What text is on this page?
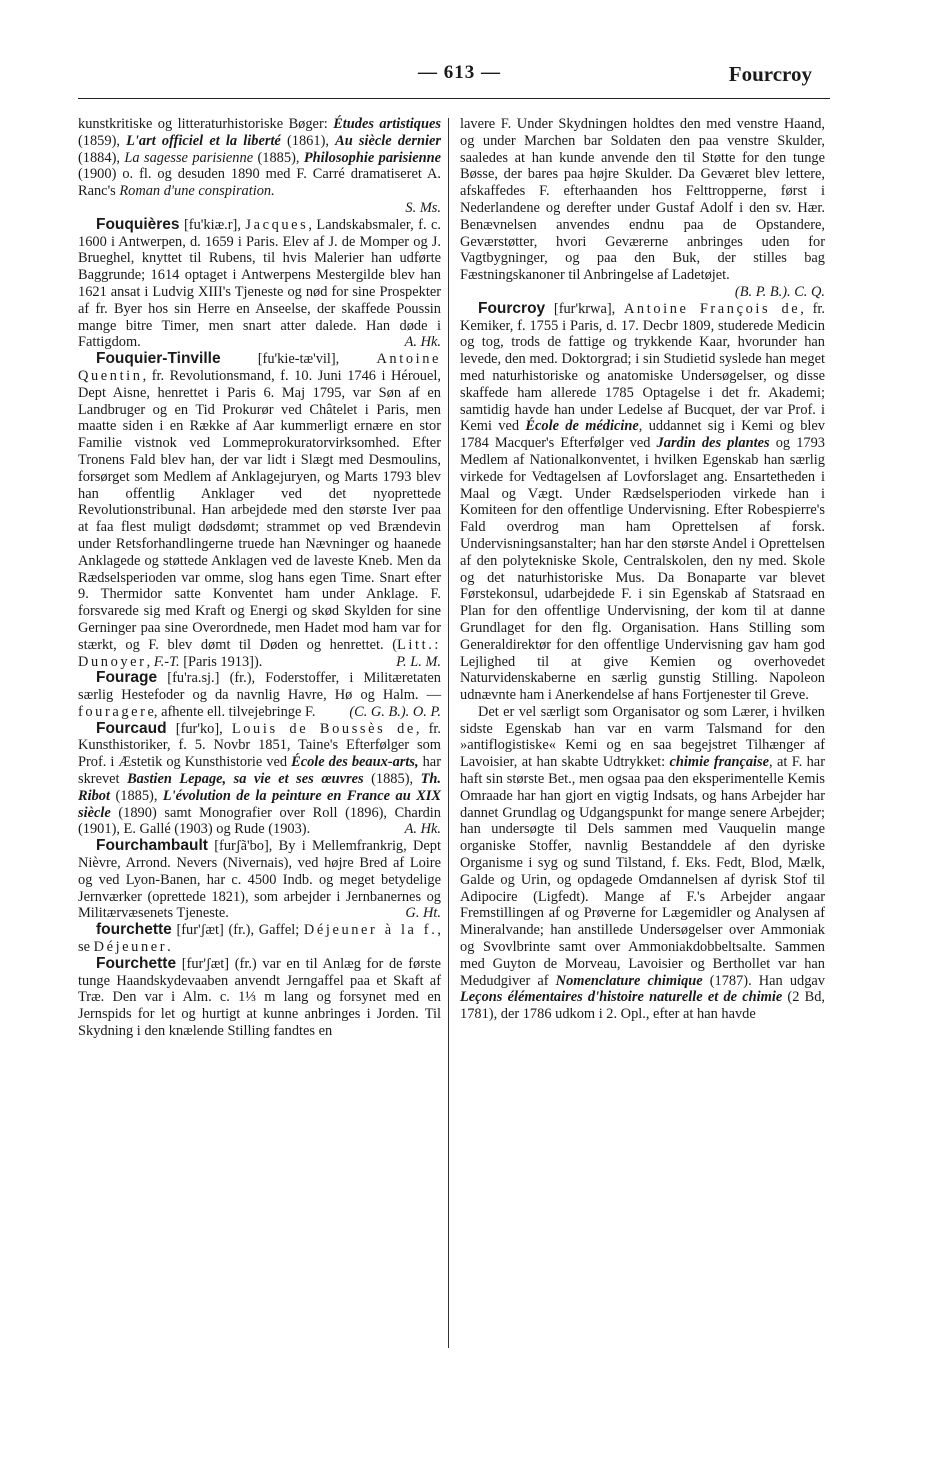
— 613 —	Fourcroy

kunstkritiske og litteraturhistoriske Bøger: Études artistiques (1859), L'art officiel et la liberté (1861), Au siècle dernier (1884), La sagesse parisienne (1885), Philosophie parisienne (1900) o. fl. og desuden 1890 med F. Carré dramatiseret A. Ranc's Roman d'une conspiration.
S. Ms.

Fouquières [fu'kiæ.r], Jacques, Landskabsmaler, f. c. 1600 i Antwerpen, d. 1659 i Paris. Elev af J. de Momper og J. Brueghel, knyttet til Rubens, til hvis Malerier han udførte Baggrunde; 1614 optaget i Antwerpens Mestergilde blev han 1621 ansat i Ludvig XIII's Tjeneste og nød for sine Prospekter af fr. Byer hos sin Herre en Anseelse, der skaffede Poussin mange bitre Timer, men snart atter dalede. Han døde i Fattigdom.	A. Hk.

Fouquier-Tinville [fu'kie-tæ'vil], Antoine Quentin, fr. Revolutionsmand, f. 10. Juni 1746 i Hérouel, Dept Aisne, henrettet i Paris 6. Maj 1795, var Søn af en Landbruger og en Tid Prokurør ved Châtelet i Paris, men maatte siden i en Række af Aar kummerligt ernære en stor Familie vistnok ved Lommeprokuratorvirksomhed. Efter Tronens Fald blev han, der var lidt i Slægt med Desmoulins, forsørget som Medlem af Anklagejuryen, og Marts 1793 blev han offentlig Anklager ved det nyoprettede Revolutionstribunal. Han arbejdede med den største Iver paa at faa flest muligt dødsdømt; strammet op ved Brændevin under Retsforhandlingerne truede han Nævninger og haanede Anklagede og støttede Anklagen ved de laveste Kneb. Men da Rædselsperioden var omme, slog hans egen Time. Snart efter 9. Thermidor satte Konventet ham under Anklage. F. forsvarede sig med Kraft og Energi og skød Skylden for sine Gerninger paa sine Overordnede, men Hadet mod ham var for stærkt, og F. blev dømt til Døden og henrettet. (Litt.: Dunoyer, F.-T. [Paris 1913]).	P. L. M.

Fourage [fu'ra.sj.] (fr.), Foderstoffer, i Militæretaten særlig Hestefoder og da navnlig Havre, Hø og Halm. — fouragere, afhente ell. tilvejebringe F.	(C. G. B.). O. P.

Fourcaud [fur'ko], Louis de Boussès de, fr. Kunsthistoriker, f. 5. Novbr 1851, Taine's Efterfølger som Prof. i Æstetik og Kunsthistorie ved École des beaux-arts, har skrevet Bastien Lepage, sa vie et ses œuvres (1885), Th. Ribot (1885), L'évolution de la peinture en France au XIX siècle (1890) samt Monografier over Roll (1896), Chardin (1901), E. Gallé (1903) og Rude (1903).	A. Hk.

Fourchambault [furʃã'bo], By i Mellemfrankrig, Dept Nièvre, Arrond. Nevers (Nivernais), ved højre Bred af Loire og ved Lyon-Banen, har c. 4500 Indb. og meget betydelige Jernværker (oprettede 1821), som arbejder i Jernbanernes og Militærvæsenets Tjeneste.	G. Ht.

fourchette [fur'ʃæt] (fr.), Gaffel; Déjeuner à la f., se Déjeuner.

Fourchette [fur'ʃæt] (fr.) var en til Anlæg for de første tunge Haandskydevaaben anvendt Jerngaffel paa et Skaft af Træ. Den var i Alm. c. 1⅓ m lang og forsynet med en Jernspids for let og hurtigt at kunne anbringes i Jorden. Til Skydning i den knælende Stilling fandtes en

lavere F. Under Skydningen holdtes den med venstre Haand, og under Marchen bar Soldaten den paa venstre Skulder, saaledes at han kunde anvende den til Støtte for den tunge Bøsse, der bares paa højre Skulder. Da Geværet blev lettere, afskaffedes F. efterhaanden hos Felttropperne, først i Nederlandene og derefter under Gustaf Adolf i den sv. Hær. Benævnelsen anvendes endnu paa de Opstandere, Geværstøtter, hvori Geværerne anbringes uden for Vagtbygninger, og paa den Buk, der stilles bag Fæstningskanoner til Anbringelse af Ladetøjet.
(B. P. B.). C. Q.

Fourcroy [fur'krwa], Antoine François de, fr. Kemiker, f. 1755 i Paris, d. 17. Decbr 1809, studerede Medicin og tog, trods de fattige og trykkende Kaar, hvorunder han levede, den med. Doktorgrad; i sin Studietid syslede han meget med naturhistoriske og anatomiske Undersøgelser, og disse skaffede ham allerede 1785 Optagelse i det fr. Akademi; samtidig havde han under Ledelse af Bucquet, der var Prof. i Kemi ved École de médicine, uddannet sig i Kemi og blev 1784 Macquer's Efterfølger ved Jardin des plantes og 1793 Medlem af Nationalkonventet, i hvilken Egenskab han særlig virkede for Vedtagelsen af Lovforslaget ang. Ensartetheden i Maal og Vægt. Under Rædselsperioden virkede han i Komiteen for den offentlige Undervisning. Efter Robespierre's Fald overdrog man ham Oprettelsen af forsk. Undervisningsanstalter; han har den største Andel i Oprettelsen af den polytekniske Skole, Centralskolen, den ny med. Skole og det naturhistoriske Mus. Da Bonaparte var blevet Førstekonsul, udarbejdede F. i sin Egenskab af Statsraad en Plan for den offentlige Undervisning, der kom til at danne Grundlaget for den flg. Organisation. Hans Stilling som Generaldirektør for den offentlige Undervisning gav ham god Lejlighed til at give Kemien og overhovedet Naturvidenskaberne en særlig gunstig Stilling. Napoleon udnævnte ham i Anerkendelse af hans Fortjenester til Greve.

Det er vel særligt som Organisator og som Lærer, i hvilken sidste Egenskab han var en varm Talsmand for den »antiflogistiske« Kemi og en saa begejstret Tilhænger af Lavoisier, at han skabte Udtrykket: chimie française, at F. har haft sin største Bet., men ogsaa paa den eksperimentelle Kemis Omraade har han gjort en vigtig Indsats, og hans Arbejder har dannet Grundlag og Udgangspunkt for mange senere Arbejder; han undersøgte til Dels sammen med Vauquelin mange organiske Stoffer, navnlig Bestanddele af den dyriske Organisme i syg og sund Tilstand, f. Eks. Fedt, Blod, Mælk, Galde og Urin, og opdagede Omdannelsen af dyrisk Stof til Adipocire (Ligfedt). Mange af F.'s Arbejder angaar Fremstillingen af og Prøverne for Lægemidler og Analysen af Mineralvande; han anstillede Undersøgelser over Ammoniak og Svovlbrinte samt over Ammoniakdobbeltsalte. Sammen med Guyton de Morveau, Lavoisier og Berthollet var han Medudgiver af Nomenclature chimique (1787). Han udgav Leçons élémentaires d'histoire naturelle et de chimie (2 Bd, 1781), der 1786 udkom i 2. Opl., efter at han havde
